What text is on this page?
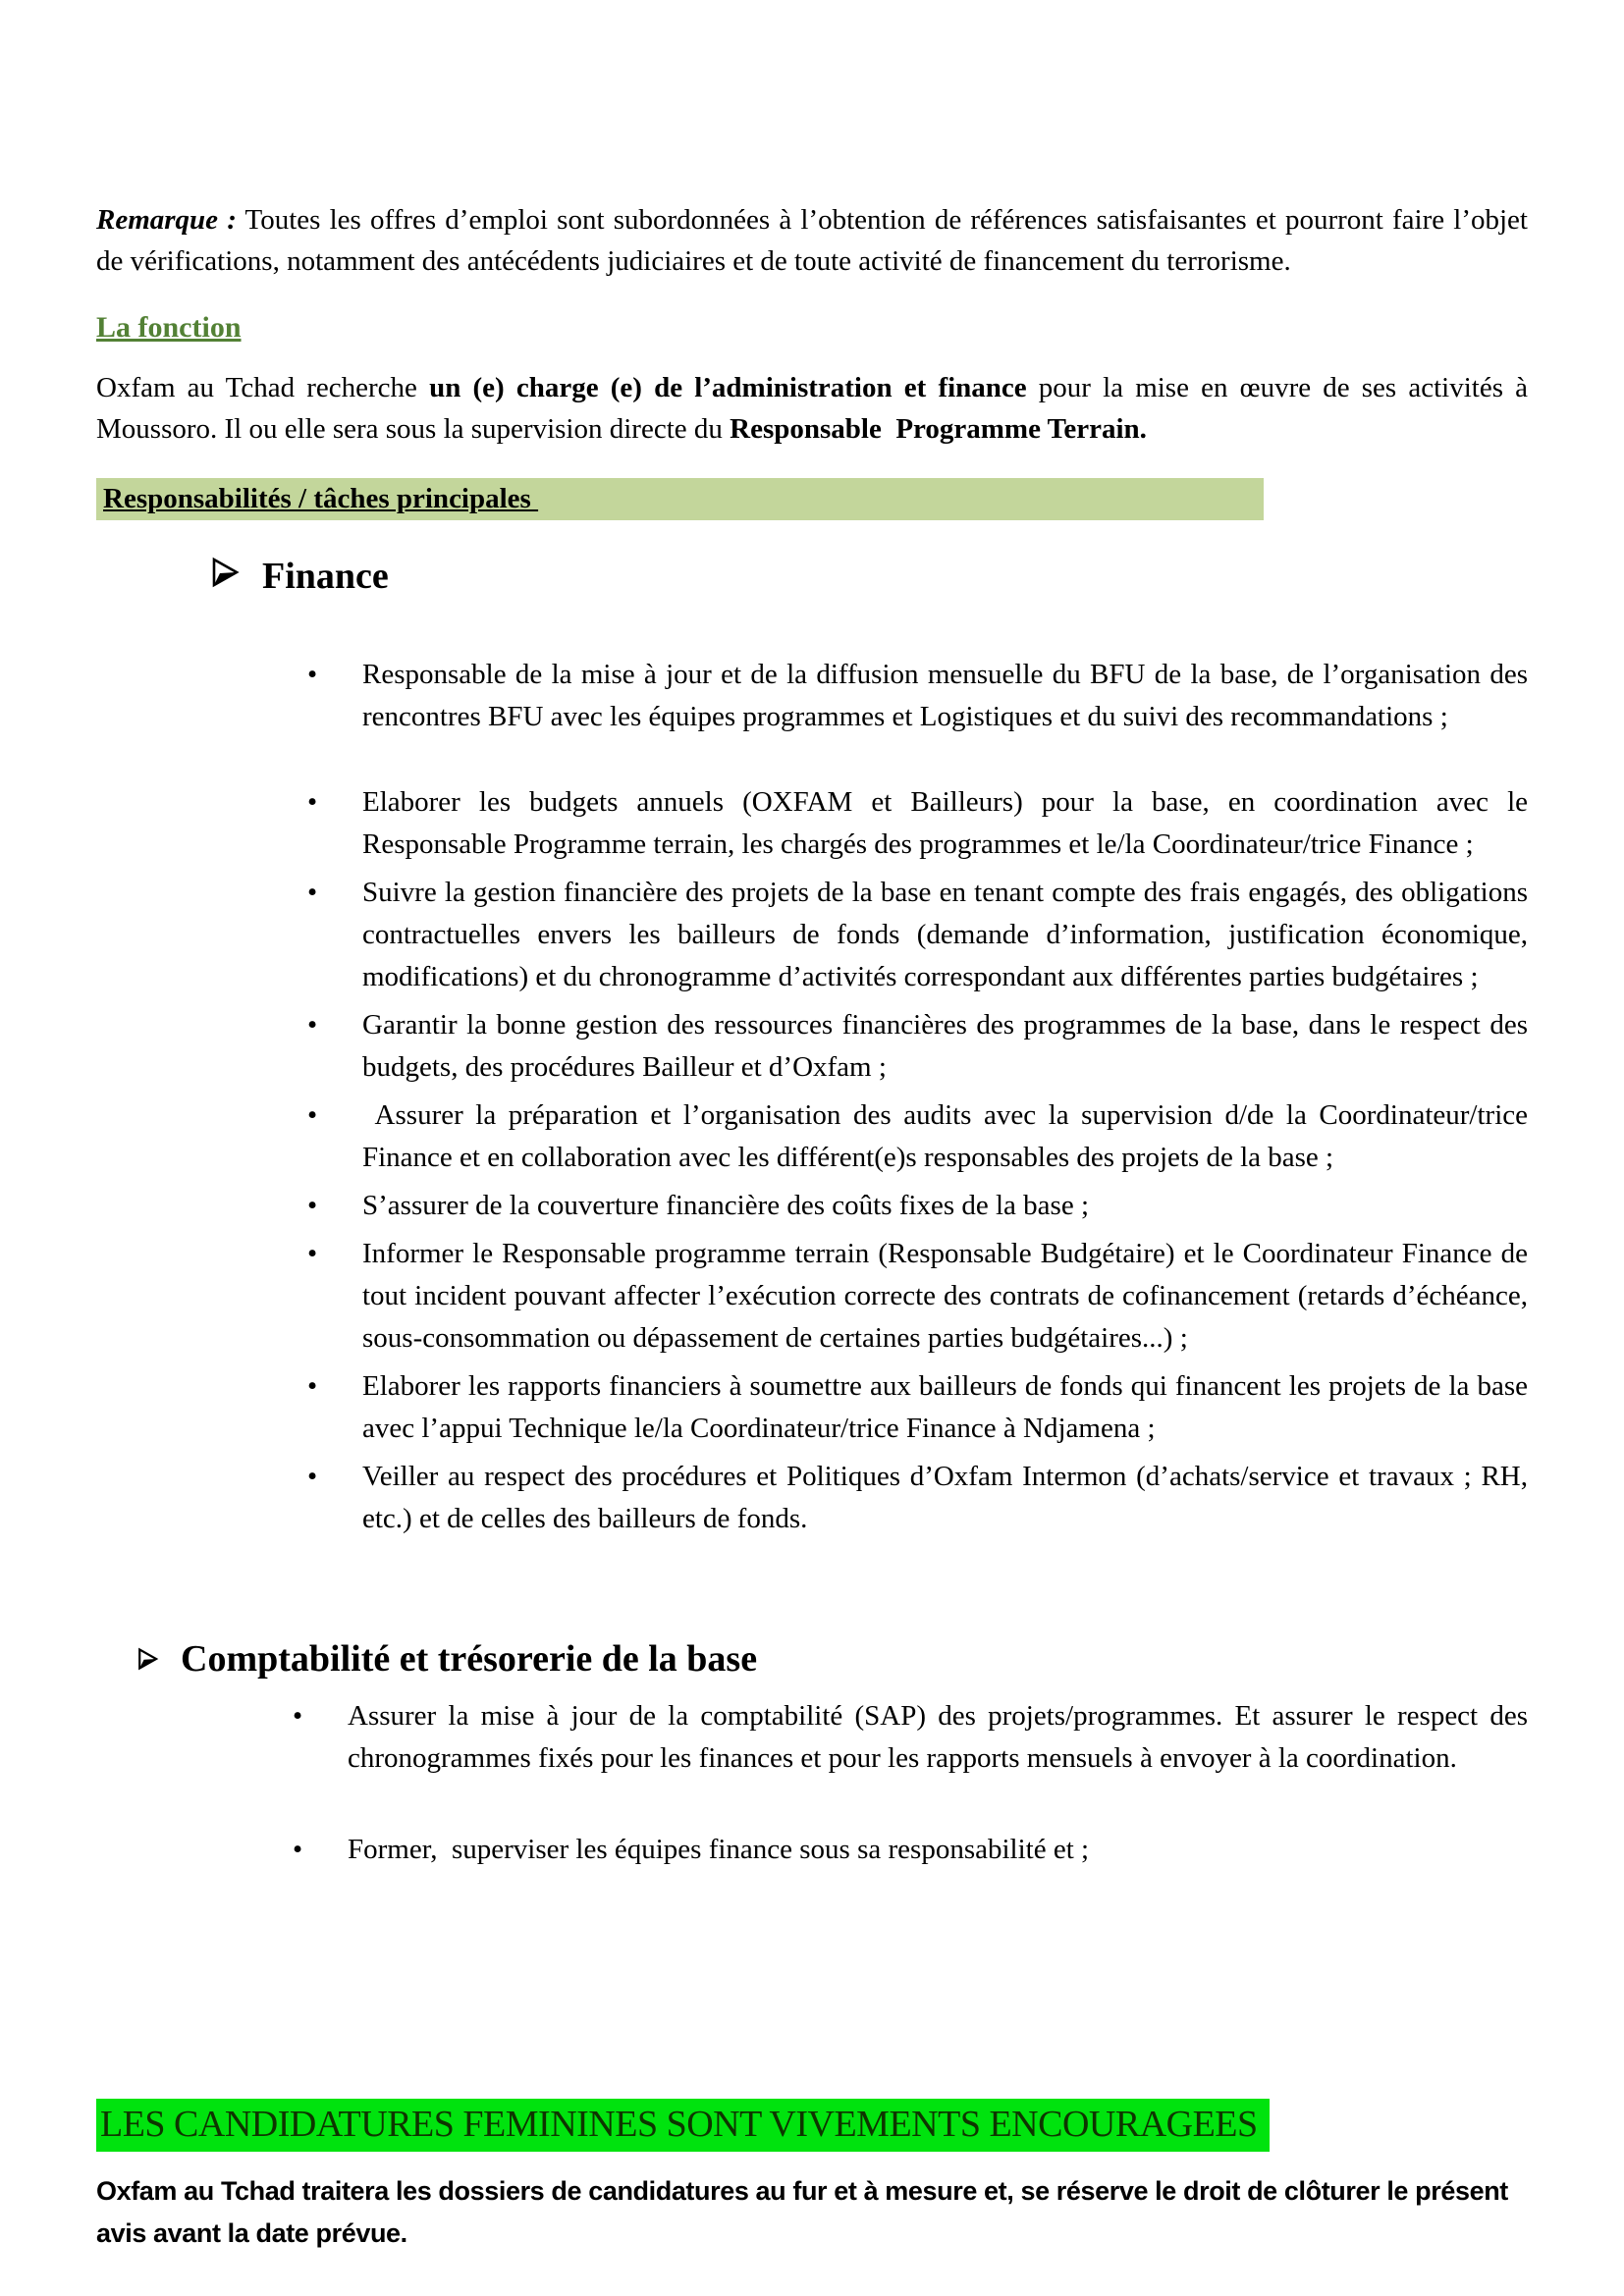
Remarque : Toutes les offres d’emploi sont subordonnées à l’obtention de références satisfaisantes et pourront faire l’objet de vérifications, notamment des antécédents judiciaires et de toute activité de financement du terrorisme.

La fonction

Oxfam au Tchad recherche un (e) charge (e) de l’administration et finance pour la mise en œuvre de ses activités à Moussoro. Il ou elle sera sous la supervision directe du Responsable  Programme Terrain.

Responsabilités / tâches principales
Finance
•	Responsable de la mise à jour et de la diffusion mensuelle du BFU de la base, de l’organisation des rencontres BFU avec les équipes programmes et Logistiques et du suivi des recommandations ;

•	Elaborer les budgets annuels (OXFAM et Bailleurs) pour la base, en coordination avec le Responsable Programme terrain, les chargés des programmes et le/la Coordinateur/trice Finance ;

•	Suivre la gestion financière des projets de la base en tenant compte des frais engagés, des obligations contractuelles envers les bailleurs de fonds (demande d’information, justification économique, modifications) et du chronogramme d’activités correspondant aux différentes parties budgétaires ;

•	Garantir la bonne gestion des ressources financières des programmes de la base, dans le respect des budgets, des procédures Bailleur et d’Oxfam ;

•	Assurer la préparation et l’organisation des audits avec la supervision d/de la Coordinateur/trice Finance et en collaboration avec les différent(e)s responsables des projets de la base ;

•	S’assurer de la couverture financière des coûts fixes de la base ;

•	Informer le Responsable programme terrain (Responsable Budgétaire) et le Coordinateur Finance de tout incident pouvant affecter l’exécution correcte des contrats de cofinancement (retards d’échéance, sous-consommation ou dépassement de certaines parties budgétaires...) ;

•	Elaborer les rapports financiers à soumettre aux bailleurs de fonds qui financent les projets de la base avec l’appui Technique le/la Coordinateur/trice Finance à Ndjamena ;

•	Veiller au respect des procédures et Politiques d’Oxfam Intermon (d’achats/service et travaux ; RH, etc.) et de celles des bailleurs de fonds.

Comptabilité et trésorerie de la base
•	Assurer la mise à jour de la comptabilité (SAP) des projets/programmes. Et assurer le respect des chronogrammes fixés pour les finances et pour les rapports mensuels à envoyer à la coordination.

•	Former,  superviser les équipes finance sous sa responsabilité et ;

LES CANDIDATURES FEMININES SONT VIVEMENTS ENCOURAGEES

Oxfam au Tchad traitera les dossiers de candidatures au fur et à mesure et, se réserve le droit de clôturer le présent avis avant la date prévue.
